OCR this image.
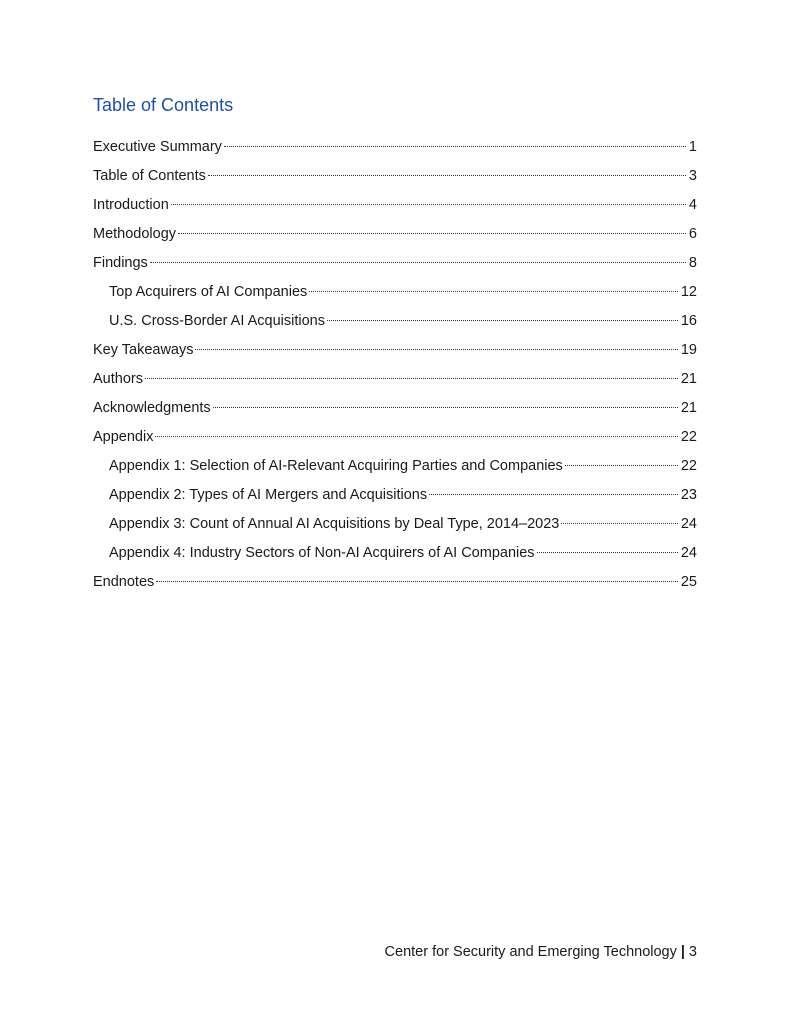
Table of Contents
Executive Summary	1
Table of Contents	3
Introduction	4
Methodology	6
Findings	8
Top Acquirers of AI Companies	12
U.S. Cross-Border AI Acquisitions	16
Key Takeaways	19
Authors	21
Acknowledgments	21
Appendix	22
Appendix 1: Selection of AI-Relevant Acquiring Parties and Companies	22
Appendix 2: Types of AI Mergers and Acquisitions	23
Appendix 3: Count of Annual AI Acquisitions by Deal Type, 2014–2023	24
Appendix 4: Industry Sectors of Non-AI Acquirers of AI Companies	24
Endnotes	25
Center for Security and Emerging Technology | 3
